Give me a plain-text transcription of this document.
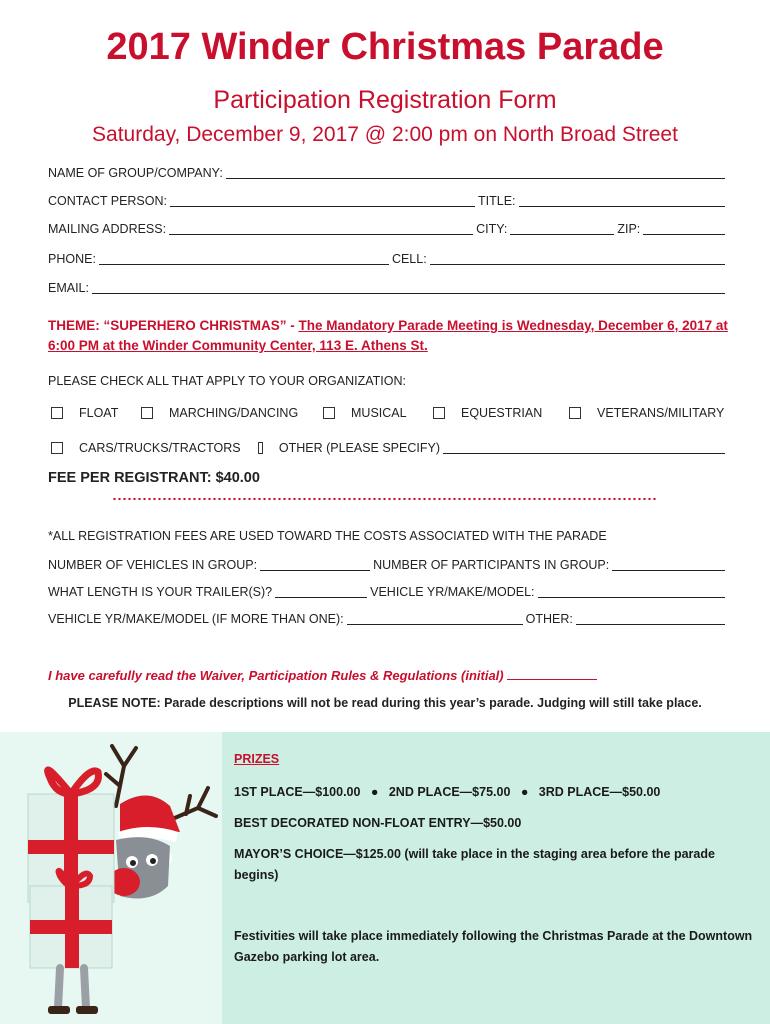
2017 Winder Christmas Parade
Participation Registration Form
Saturday, December 9, 2017 @ 2:00 pm on North Broad Street
NAME OF GROUP/COMPANY:
CONTACT PERSON:	TITLE:
MAILING ADDRESS:	CITY:	ZIP:
PHONE:	CELL:
EMAIL:
THEME: “SUPERHERO CHRISTMAS” - The Mandatory Parade Meeting is Wednesday, December 6, 2017 at 6:00 PM at the Winder Community Center, 113 E. Athens St.
PLEASE CHECK ALL THAT APPLY TO YOUR ORGANIZATION:
FLOAT	MARCHING/DANCING	MUSICAL	EQUESTRIAN	VETERANS/MILITARY
CARS/TRUCKS/TRACTORS	OTHER (PLEASE SPECIFY)
FEE PER REGISTRANT: $40.00
*ALL REGISTRATION FEES ARE USED TOWARD THE COSTS ASSOCIATED WITH THE PARADE
NUMBER OF VEHICLES IN GROUP:	NUMBER OF PARTICIPANTS IN GROUP:
WHAT LENGTH IS YOUR TRAILER(S)?	VEHICLE YR/MAKE/MODEL:
VEHICLE YR/MAKE/MODEL (IF MORE THAN ONE):	OTHER:
I have carefully read the Waiver, Participation Rules & Regulations (initial)
PLEASE NOTE: Parade descriptions will not be read during this year’s parade. Judging will still take place.
PRIZES
1ST PLACE—$100.00   ●   2ND PLACE—$75.00   ●   3RD PLACE—$50.00
BEST DECORATED NON-FLOAT ENTRY—$50.00
MAYOR’S CHOICE—$125.00 (will take place in the staging area before the parade begins)
Festivities will take place immediately following the Christmas Parade at the Downtown Gazebo parking lot area.
